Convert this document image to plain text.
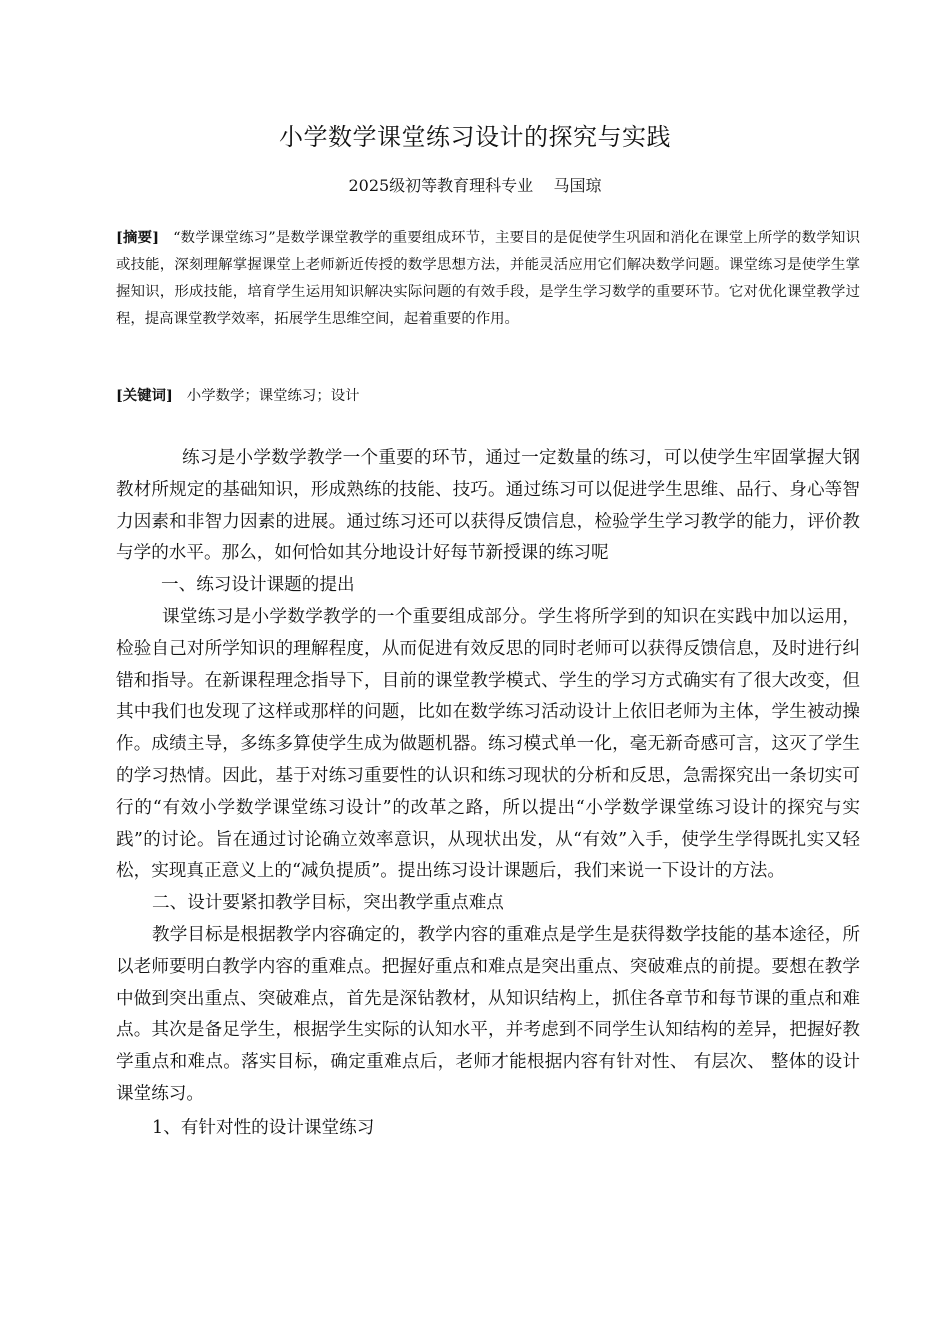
小学数学课堂练习设计的探究与实践
2025级初等教育理科专业    马国琼
[摘要] “数学课堂练习”是数学课堂教学的重要组成环节，主要目的是促使学生巩固和消化在课堂上所学的数学知识或技能，深刻理解掌握课堂上老师新近传授的数学思想方法，并能灵活应用它们解决数学问题。课堂练习是使学生掌握知识，形成技能，培育学生运用知识解决实际问题的有效手段，是学生学习数学的重要环节。它对优化课堂教学过程，提高课堂教学效率，拓展学生思维空间，起着重要的作用。
[关键词] 小学数学；课堂练习；设计

练习是小学数学教学一个重要的环节，通过一定数量的练习，可以使学生牢固掌握大钢教材所规定的基础知识，形成熟练的技能、技巧。通过练习可以促进学生思维、品行、身心等智力因素和非智力因素的进展。通过练习还可以获得反馈信息，检验学生学习教学的能力，评价教与学的水平。那么，如何恰如其分地设计好每节新授课的练习呢

一、练习设计课题的提出

课堂练习是小学数学教学的一个重要组成部分。学生将所学到的知识在实践中加以运用，检验自己对所学知识的理解程度，从而促进有效反思的同时老师可以获得反馈信息，及时进行纠错和指导。在新课程理念指导下，目前的课堂教学模式、学生的学习方式确实有了很大改变，但其中我们也发现了这样或那样的问题，比如在数学练习活动设计上依旧老师为主体，学生被动操作。成绩主导，多练多算使学生成为做题机器。练习模式单一化，毫无新奇感可言，这灭了学生的学习热情。因此，基于对练习重要性的认识和练习现状的分析和反思，急需探究出一条切实可行的“有效小学数学课堂练习设计”的改革之路，所以提出“小学数学课堂练习设计的探究与实践”的讨论。旨在通过讨论确立效率意识，从现状出发，从“有效”入手，使学生学得既扎实又轻松，实现真正意义上的“减负提质”。提出练习设计课题后，我们来说一下设计的方法。

二、设计要紧扣教学目标，突出教学重点难点

教学目标是根据教学内容确定的，教学内容的重难点是学生是获得数学技能的基本途径，所以老师要明白教学内容的重难点。把握好重点和难点是突出重点、突破难点的前提。要想在教学中做到突出重点、突破难点，首先是深钻教材，从知识结构上，抓住各章节和每节课的重点和难点。其次是备足学生，根据学生实际的认知水平，并考虑到不同学生认知结构的差异，把握好教学重点和难点。落实目标，确定重难点后，老师才能根据内容有针对性、 有层次、 整体的设计课堂练习。

1、有针对性的设计课堂练习
